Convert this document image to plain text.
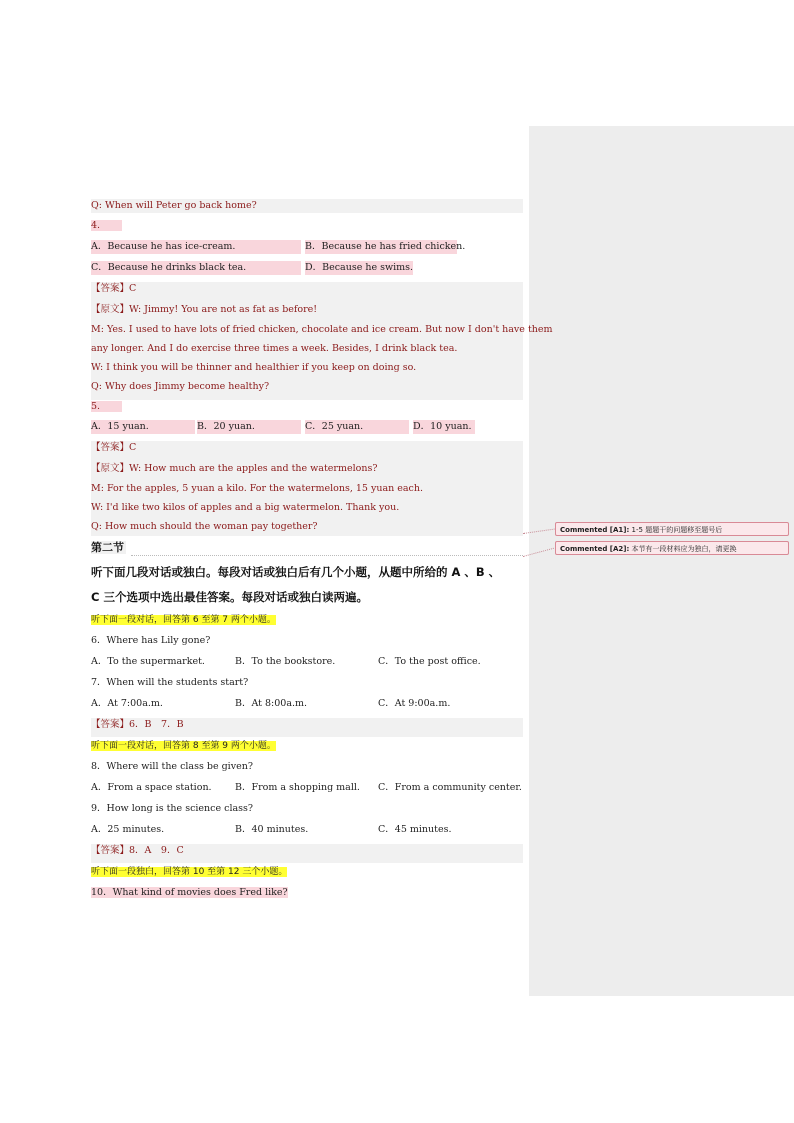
Q: When will Peter go back home?
4.
A．Because he has ice-cream.	B．Because he has fried chicken.
C．Because he drinks black tea.	D．Because he swims.
【答案】C
【原文】W: Jimmy! You are not as fat as before!
M: Yes. I used to have lots of fried chicken, chocolate and ice cream. But now I don't have them
any longer. And I do exercise three times a week. Besides, I drink black tea.
W: I think you will be thinner and healthier if you keep on doing so.
Q: Why does Jimmy become healthy?
5.
A．15 yuan.	B．20 yuan.	C．25 yuan.	D．10 yuan.
【答案】C
【原文】W: How much are the apples and the watermelons?
M: For the apples, 5 yuan a kilo. For the watermelons, 15 yuan each.
W: I'd like two kilos of apples and a big watermelon. Thank you.
Q: How much should the woman pay together?
第二节
听下面几段对话或独白。每段对话或独白后有几个小题，从题中所给的 A 、B 、
C 三个选项中选出最佳答案。每段对话或独白读两遍。
听下面一段对话，回答第 6 至第 7 两个小题。
6．Where has Lily gone?
A．To the supermarket.	B．To the bookstore.	C．To the post office.
7．When will the students start?
A．At 7:00a.m.	B．At 8:00a.m.	C．At 9:00a.m.
【答案】6．B　7．B
听下面一段对话，回答第 8 至第 9 两个小题。
8．Where will the class be given?
A．From a space station. B．From a shopping mall. C．From a community center.
9．How long is the science class?
A．25 minutes.	B．40 minutes.	C．45 minutes.
【答案】8．A　9．C
听下面一段独白，回答第 10 至第 12 三个小题。
10．What kind of movies does Fred like?
Commented [A1]: 1-5 题题干的问题移至题号后
Commented [A2]: 本节有一段材料应为独白，请更换
